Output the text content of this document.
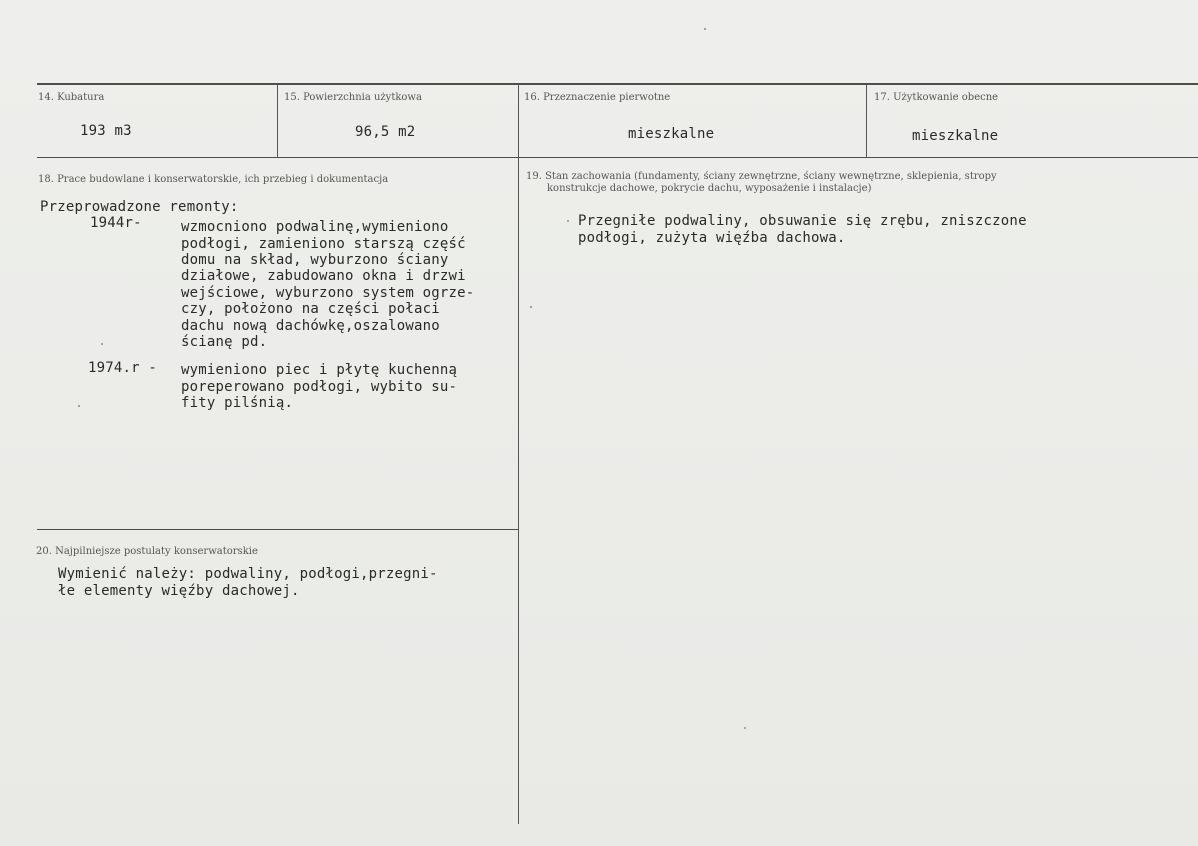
14. Kubatura
193 m3
15. Powierzchnia użytkowa
96,5 m2
16. Przeznaczenie pierwotne
mieszkalne
17. Użytkowanie obecne
mieszkalne
18. Prace budowlane i konserwatorskie, ich przebieg i dokumentacja
Przeprowadzone remonty:
1944r-	wzmocniono podwalinę,wymieniono
podłogi, zamieniono starszą część
domu na skład, wyburzono ściany
działowe, zabudowano okna i drzwi
wejściowe, wyburzono system ogrze-
czy, położono na części połaci
dachu nową dachówkę,oszalowano
ścianę pd.
1974.r - wymieniono piec i płytę kuchenną
poreperowano podłogi, wybito su-
fity pilśnią.
19. Stan zachowania (fundamenty, ściany zewnętrzne, ściany wewnętrzne, sklepienia, stropy
konstrukcje dachowe, pokrycie dachu, wyposażenie i instalacje)
Przegniłe podwaliny, obsuwanie się zrębu, zniszczone
podłogi, zużyta więźba dachowa.
20. Najpilniejsze postulaty konserwatorskie
Wymienić należy: podwaliny, podłogi,przegni-
łe elementy więźby dachowej.
